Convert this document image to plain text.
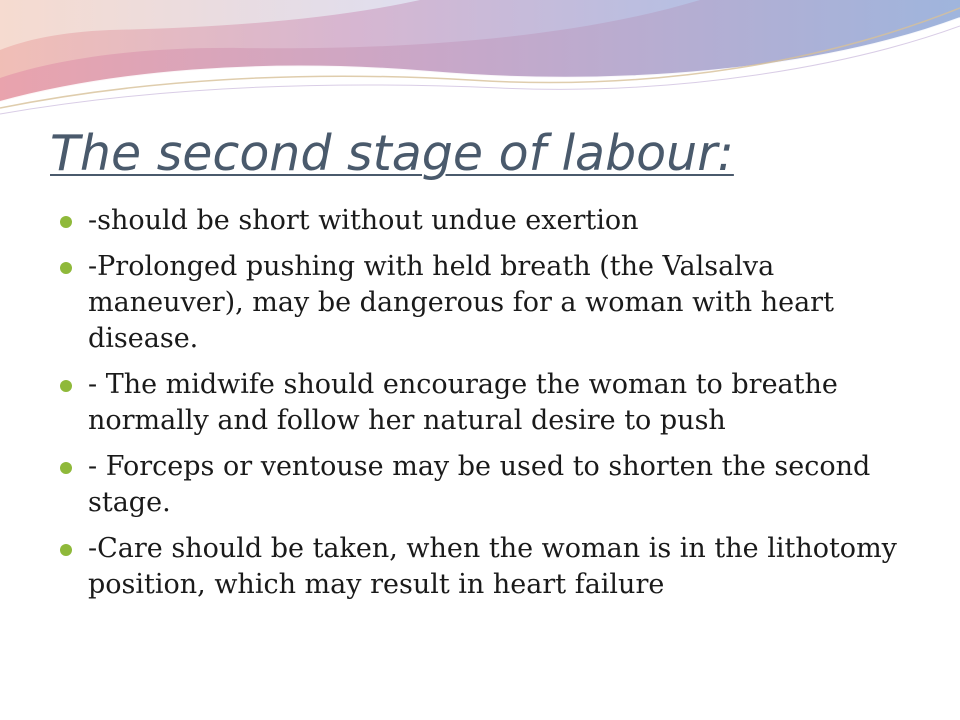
The second stage of labour:
-should be short without undue exertion
-Prolonged pushing with held breath (the Valsalva maneuver), may be dangerous for a woman with heart disease.
- The midwife should encourage the woman to breathe normally and follow her natural desire to push
- Forceps or ventouse may be used to shorten the second stage.
-Care should be taken, when the woman is in the lithotomy position, which may result in heart failure
